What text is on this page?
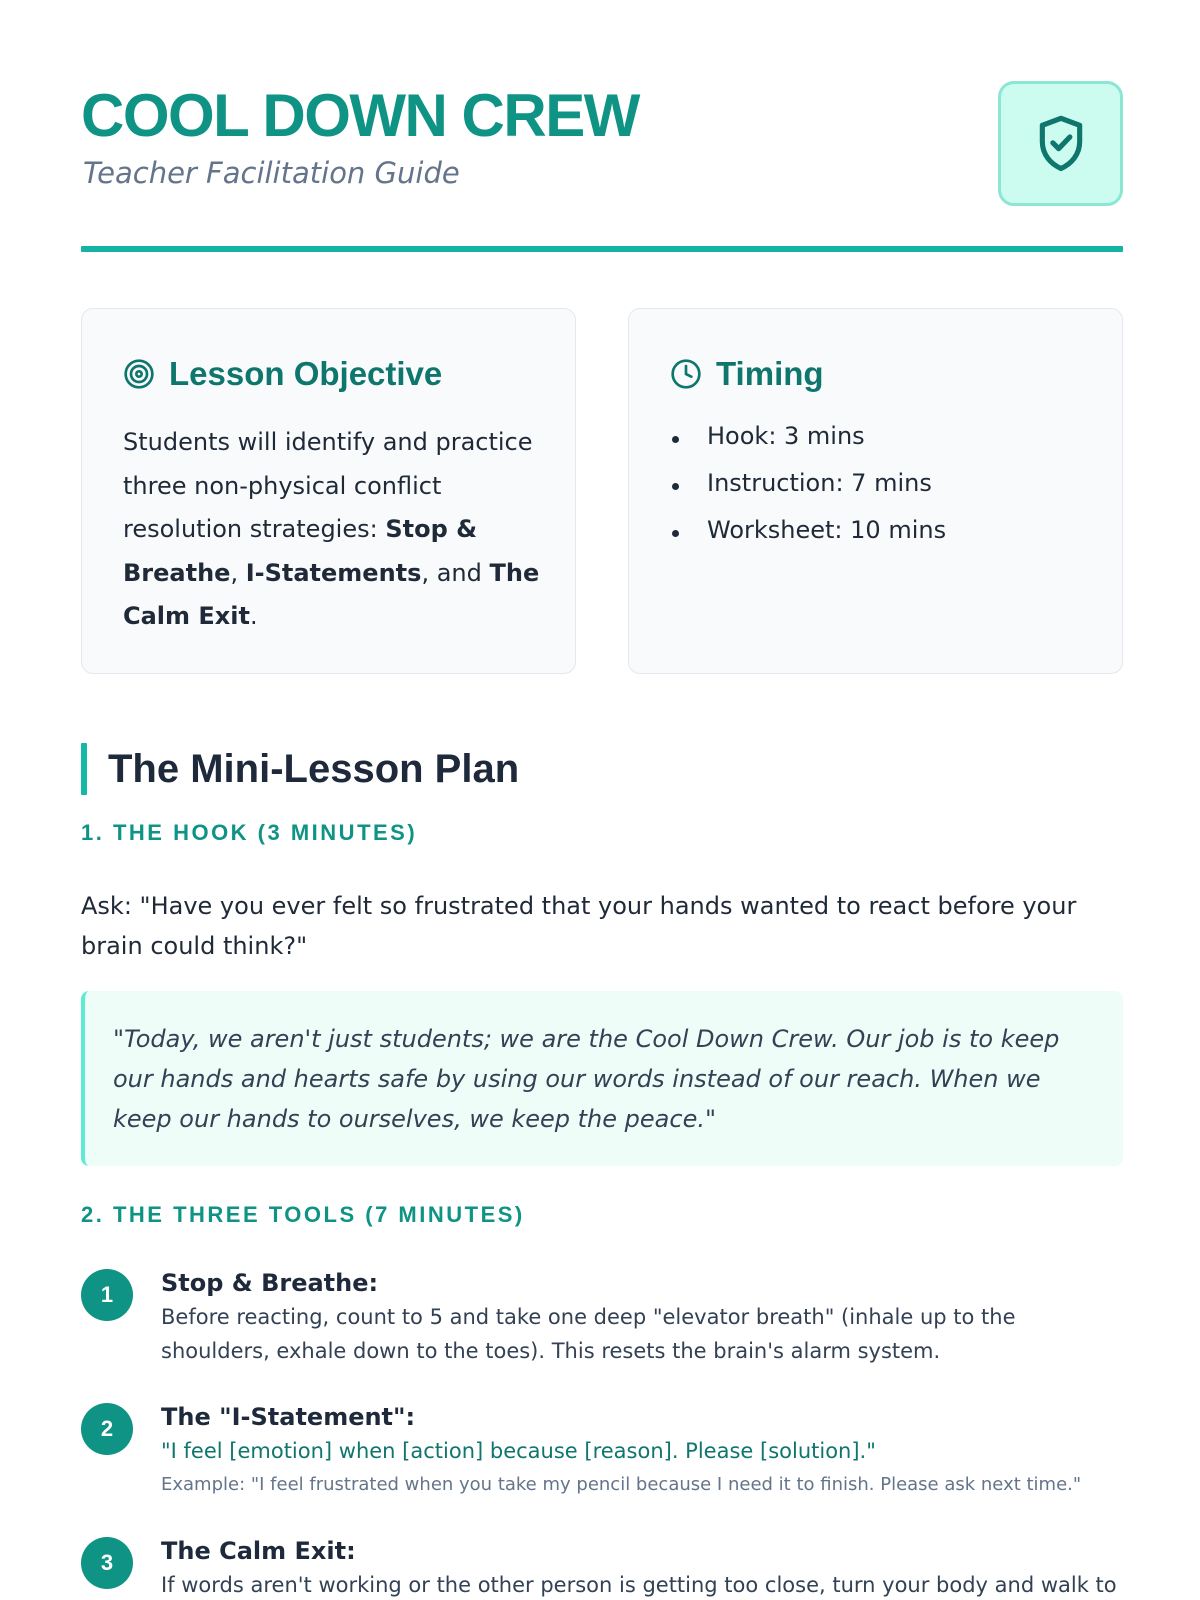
COOL DOWN CREW
Teacher Facilitation Guide
Lesson Objective

Students will identify and practice three non-physical conflict resolution strategies: Stop & Breathe, I-Statements, and The Calm Exit.

Timing
Hook: 3 mins
Instruction: 7 mins
Worksheet: 10 mins
The Mini-Lesson Plan
1. THE HOOK (3 MINUTES)

Ask: "Have you ever felt so frustrated that your hands wanted to react before your brain could think?"

"Today, we aren't just students; we are the Cool Down Crew. Our job is to keep our hands and hearts safe by using our words instead of our reach. When we keep our hands to ourselves, we keep the peace."
2. THE THREE TOOLS (7 MINUTES)
1	Stop & Breathe:
Before reacting, count to 5 and take one deep "elevator breath" (inhale up to the shoulders, exhale down to the toes). This resets the brain's alarm system.
2	The "I-Statement":
"I feel [emotion] when [action] because [reason]. Please [solution]."
Example: "I feel frustrated when you take my pencil because I need it to finish. Please ask next time."
3	The Calm Exit:
If words aren't working or the other person is getting too close, turn your body and walk to
